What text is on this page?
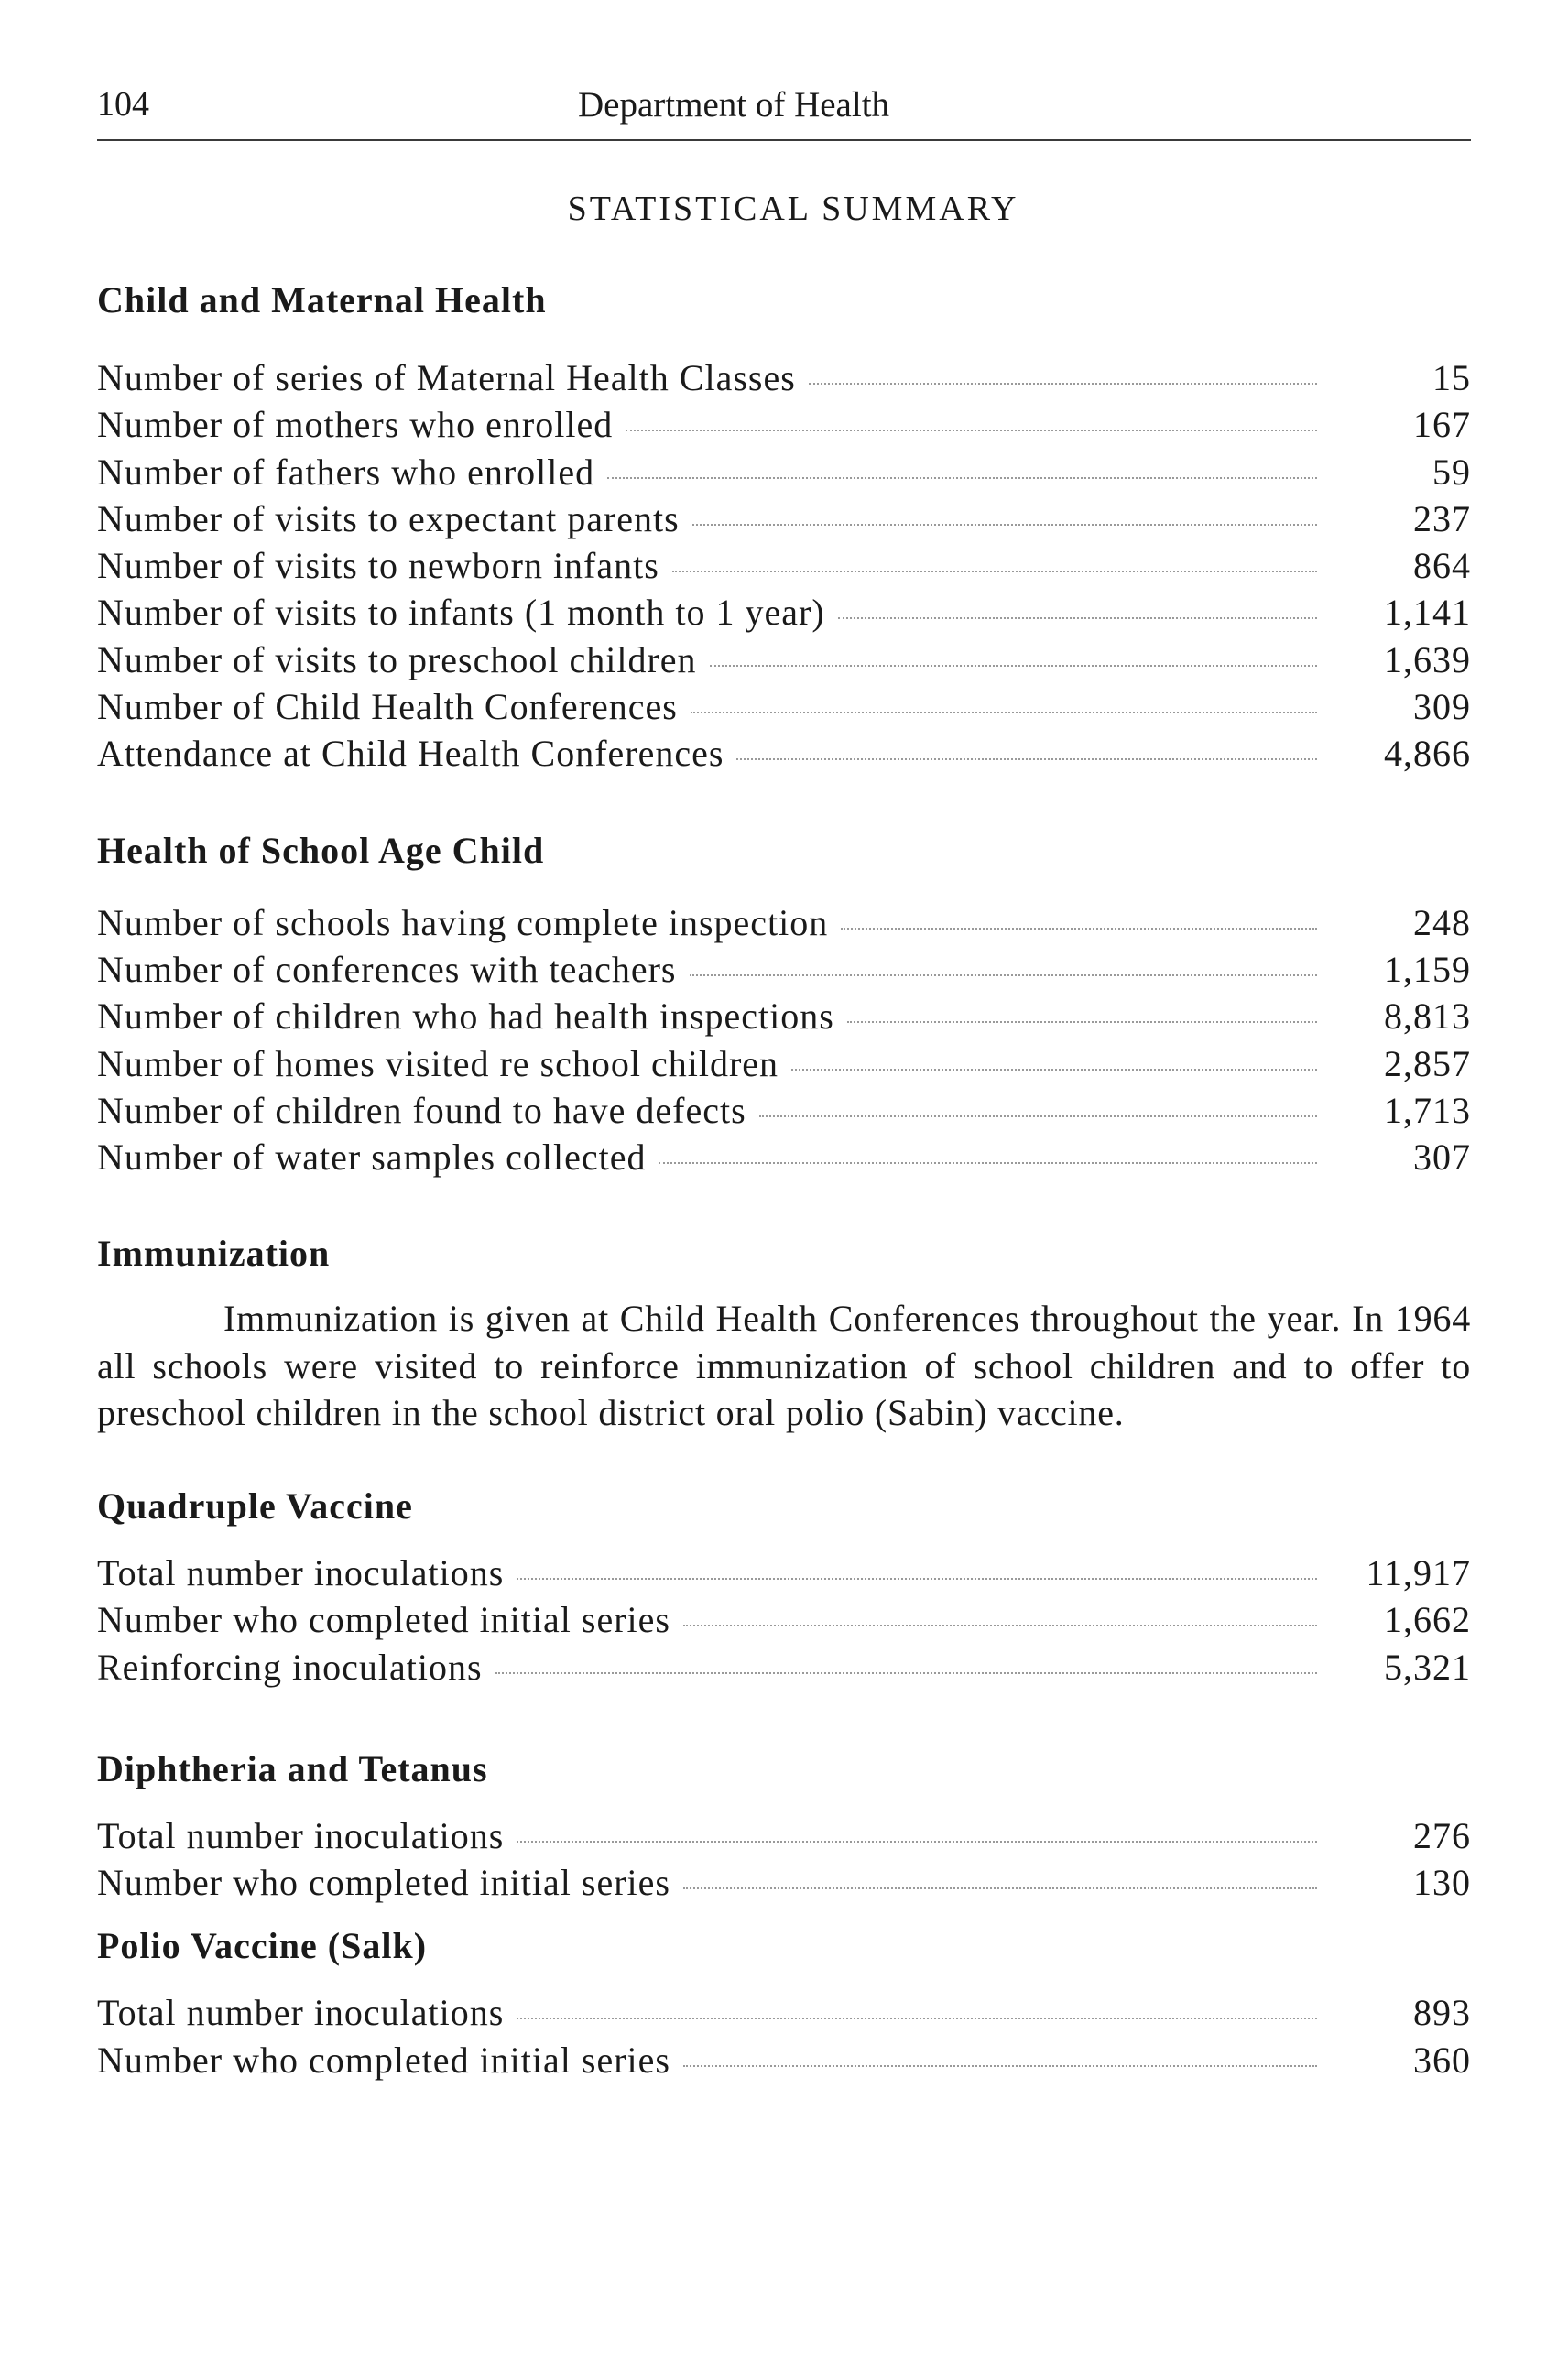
104	Department of Health
STATISTICAL SUMMARY
Child and Maternal Health
Number of series of Maternal Health Classes	15
Number of mothers who enrolled	167
Number of fathers who enrolled	59
Number of visits to expectant parents	237
Number of visits to newborn infants	864
Number of visits to infants (1 month to 1 year)	1,141
Number of visits to preschool children	1,639
Number of Child Health Conferences	309
Attendance at Child Health Conferences	4,866
Health of School Age Child
Number of schools having complete inspection	248
Number of conferences with teachers	1,159
Number of children who had health inspections	8,813
Number of homes visited re school children	2,857
Number of children found to have defects	1,713
Number of water samples collected	307
Immunization

Immunization is given at Child Health Conferences throughout the year. In 1964 all schools were visited to reinforce immunization of school children and to offer to preschool children in the school district oral polio (Sabin) vaccine.

Quadruple Vaccine
Total number inoculations	11,917
Number who completed initial series	1,662
Reinforcing inoculations	5,321
Diphtheria and Tetanus
Total number inoculations	276
Number who completed initial series	130
Polio Vaccine (Salk)
Total number inoculations	893
Number who completed initial series	360
